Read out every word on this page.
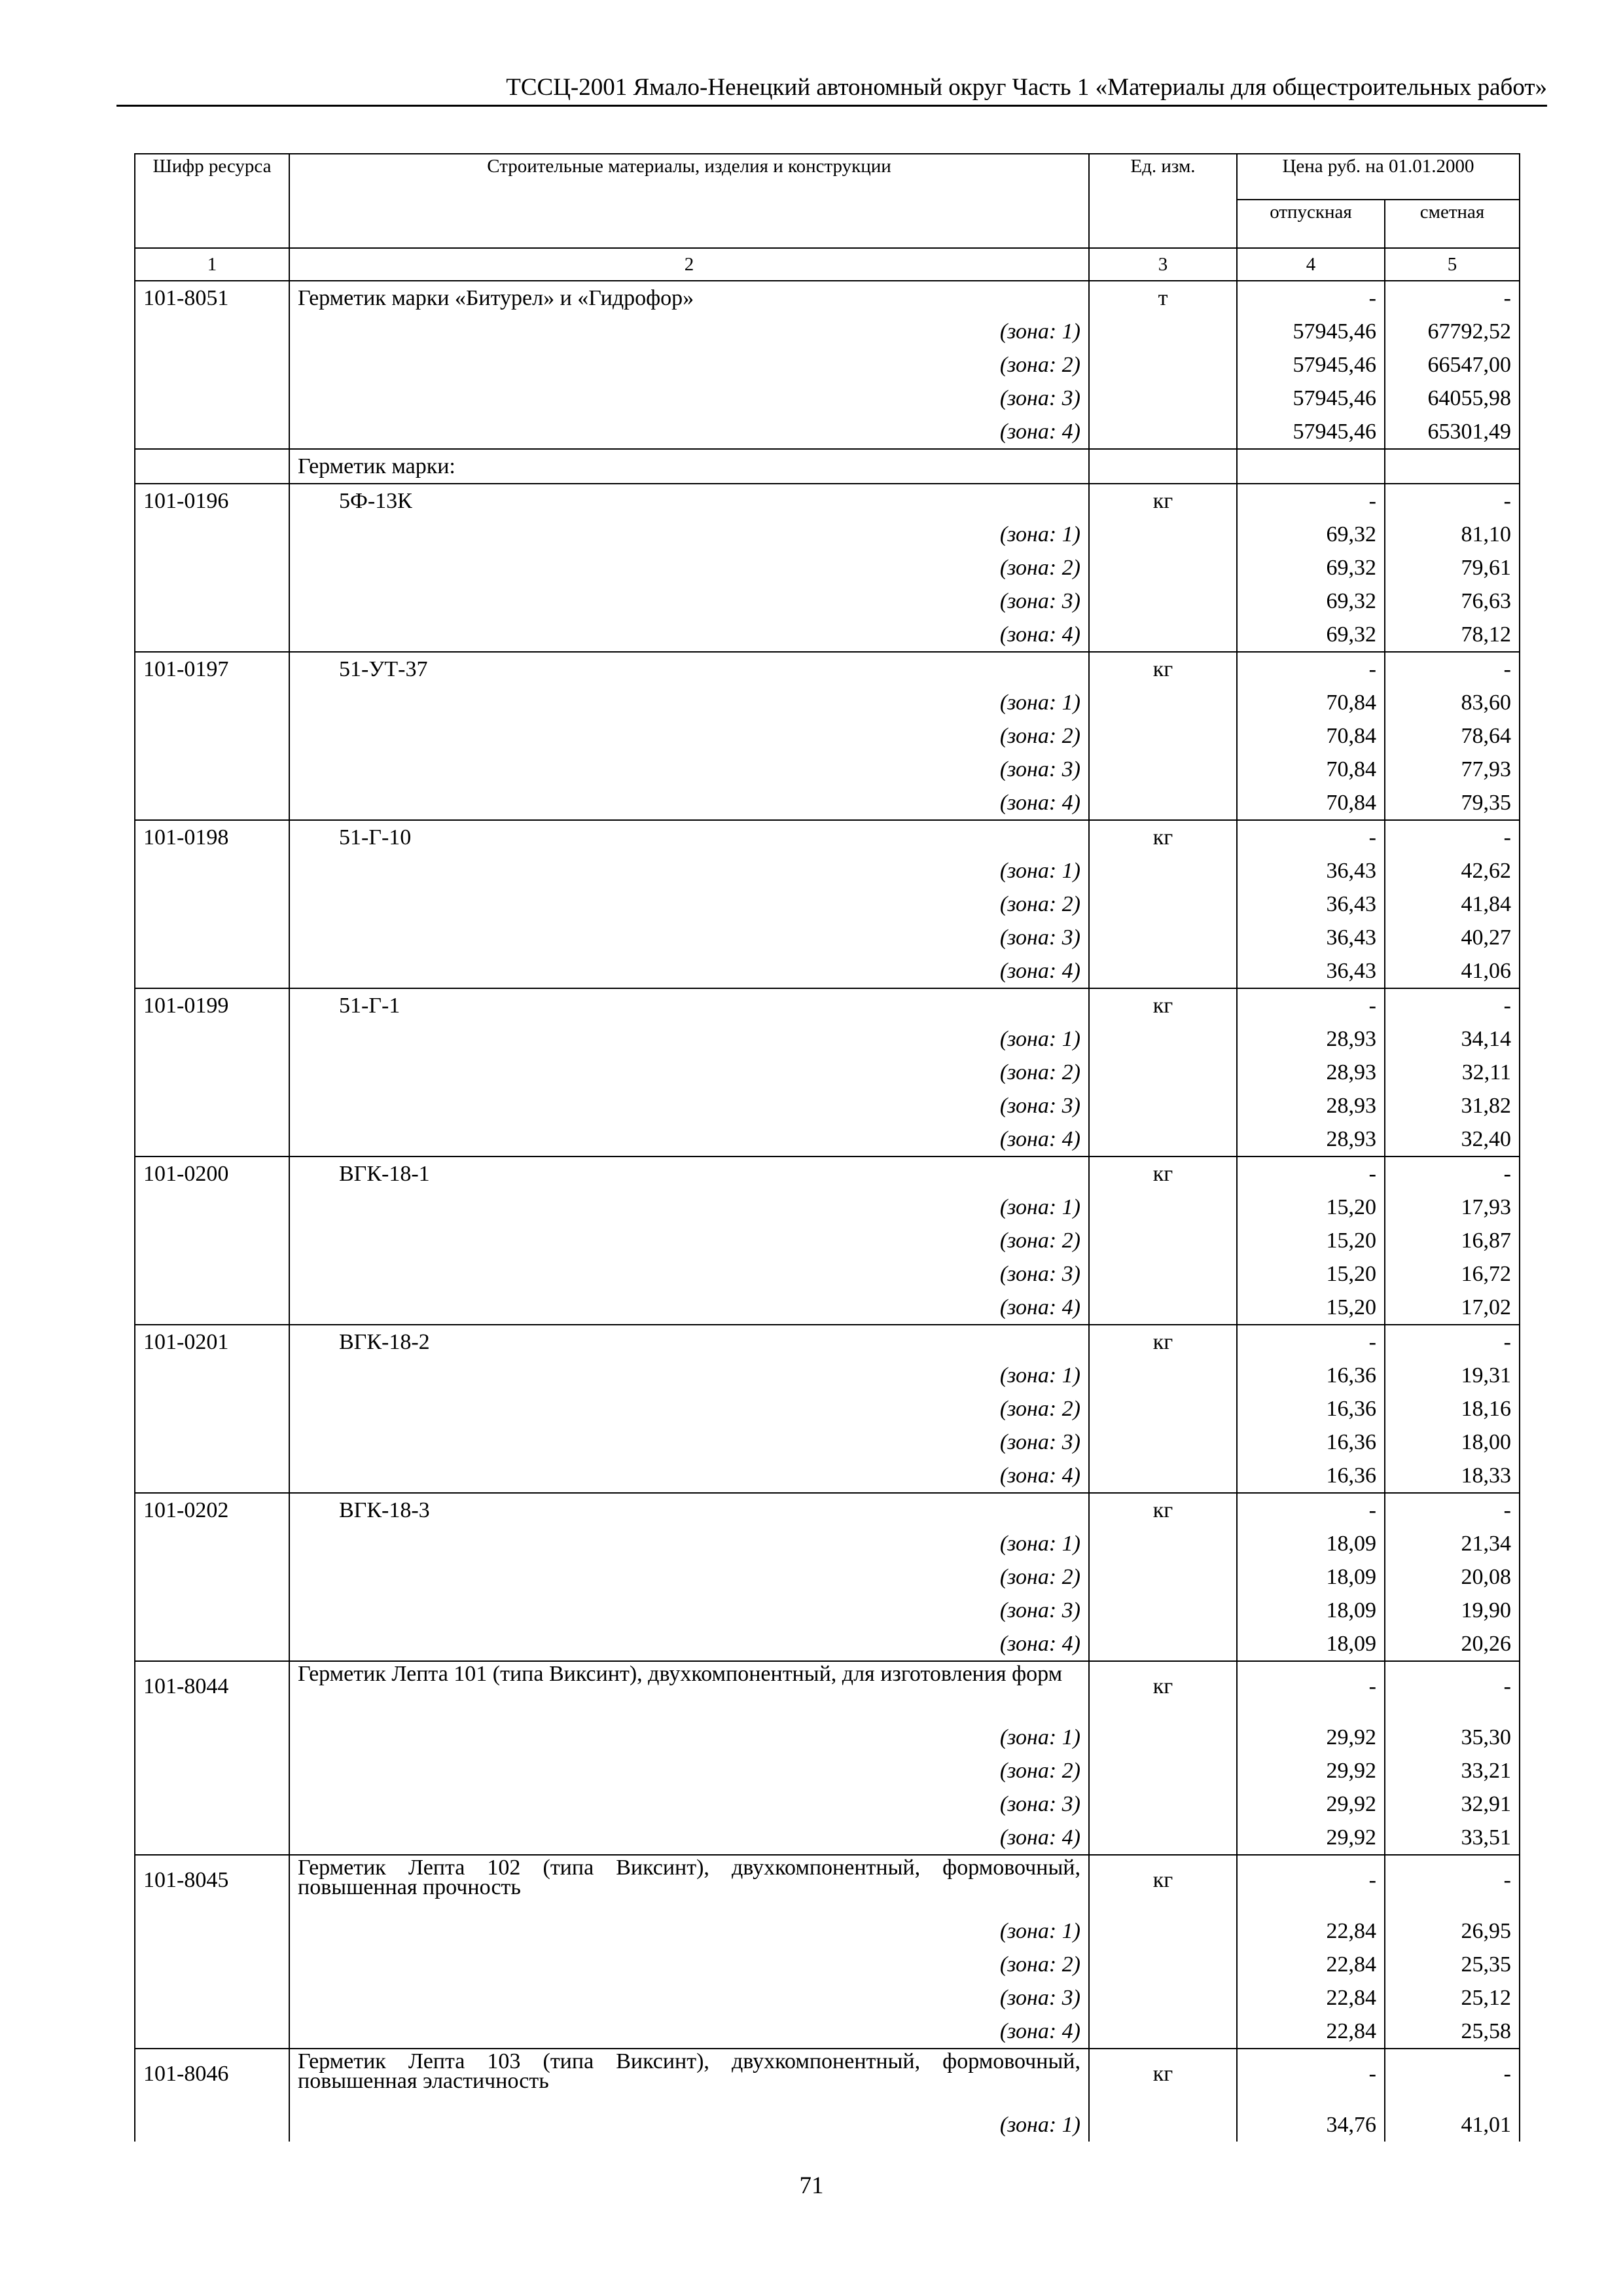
ТССЦ-2001 Ямало-Ненецкий автономный округ Часть 1 «Материалы для общестроительных работ»
Шифр ресурса	Строительные материалы, изделия и конструкции	Ед. изм.	Цена руб. на 01.01.2000	
			отпускная	сметная
1	2	3	4	5
101-8051	Герметик марки «Битурел» и «Гидрофор»	т	-	-
	(зона: 1)		57945,46	67792,52
	(зона: 2)		57945,46	66547,00
	(зона: 3)		57945,46	64055,98
	(зона: 4)		57945,46	65301,49
	Герметик марки:			
101-0196	5Ф-13К	кг	-	-
	(зона: 1)		69,32	81,10
	(зона: 2)		69,32	79,61
	(зона: 3)		69,32	76,63
	(зона: 4)		69,32	78,12
101-0197	51-УТ-37	кг	-	-
	(зона: 1)		70,84	83,60
	(зона: 2)		70,84	78,64
	(зона: 3)		70,84	77,93
	(зона: 4)		70,84	79,35
101-0198	51-Г-10	кг	-	-
	(зона: 1)		36,43	42,62
	(зона: 2)		36,43	41,84
	(зона: 3)		36,43	40,27
	(зона: 4)		36,43	41,06
101-0199	51-Г-1	кг	-	-
	(зона: 1)		28,93	34,14
	(зона: 2)		28,93	32,11
	(зона: 3)		28,93	31,82
	(зона: 4)		28,93	32,40
101-0200	ВГК-18-1	кг	-	-
	(зона: 1)		15,20	17,93
	(зона: 2)		15,20	16,87
	(зона: 3)		15,20	16,72
	(зона: 4)		15,20	17,02
101-0201	ВГК-18-2	кг	-	-
	(зона: 1)		16,36	19,31
	(зона: 2)		16,36	18,16
	(зона: 3)		16,36	18,00
	(зона: 4)		16,36	18,33
101-0202	ВГК-18-3	кг	-	-
	(зона: 1)		18,09	21,34
	(зона: 2)		18,09	20,08
	(зона: 3)		18,09	19,90
	(зона: 4)		18,09	20,26
101-8044	Герметик Лепта 101 (типа Виксинт), двухкомпонентный, для изготовления форм	кг	-	-
	(зона: 1)		29,92	35,30
	(зона: 2)		29,92	33,21
	(зона: 3)		29,92	32,91
	(зона: 4)		29,92	33,51
101-8045	Герметик Лепта 102 (типа Виксинт), двухкомпонентный, формовочный, повышенная прочность	кг	-	-
	(зона: 1)		22,84	26,95
	(зона: 2)		22,84	25,35
	(зона: 3)		22,84	25,12
	(зона: 4)		22,84	25,58
101-8046	Герметик Лепта 103 (типа Виксинт), двухкомпонентный, формовочный, повышенная эластичность	кг	-	-
	(зона: 1)		34,76	41,01
71
